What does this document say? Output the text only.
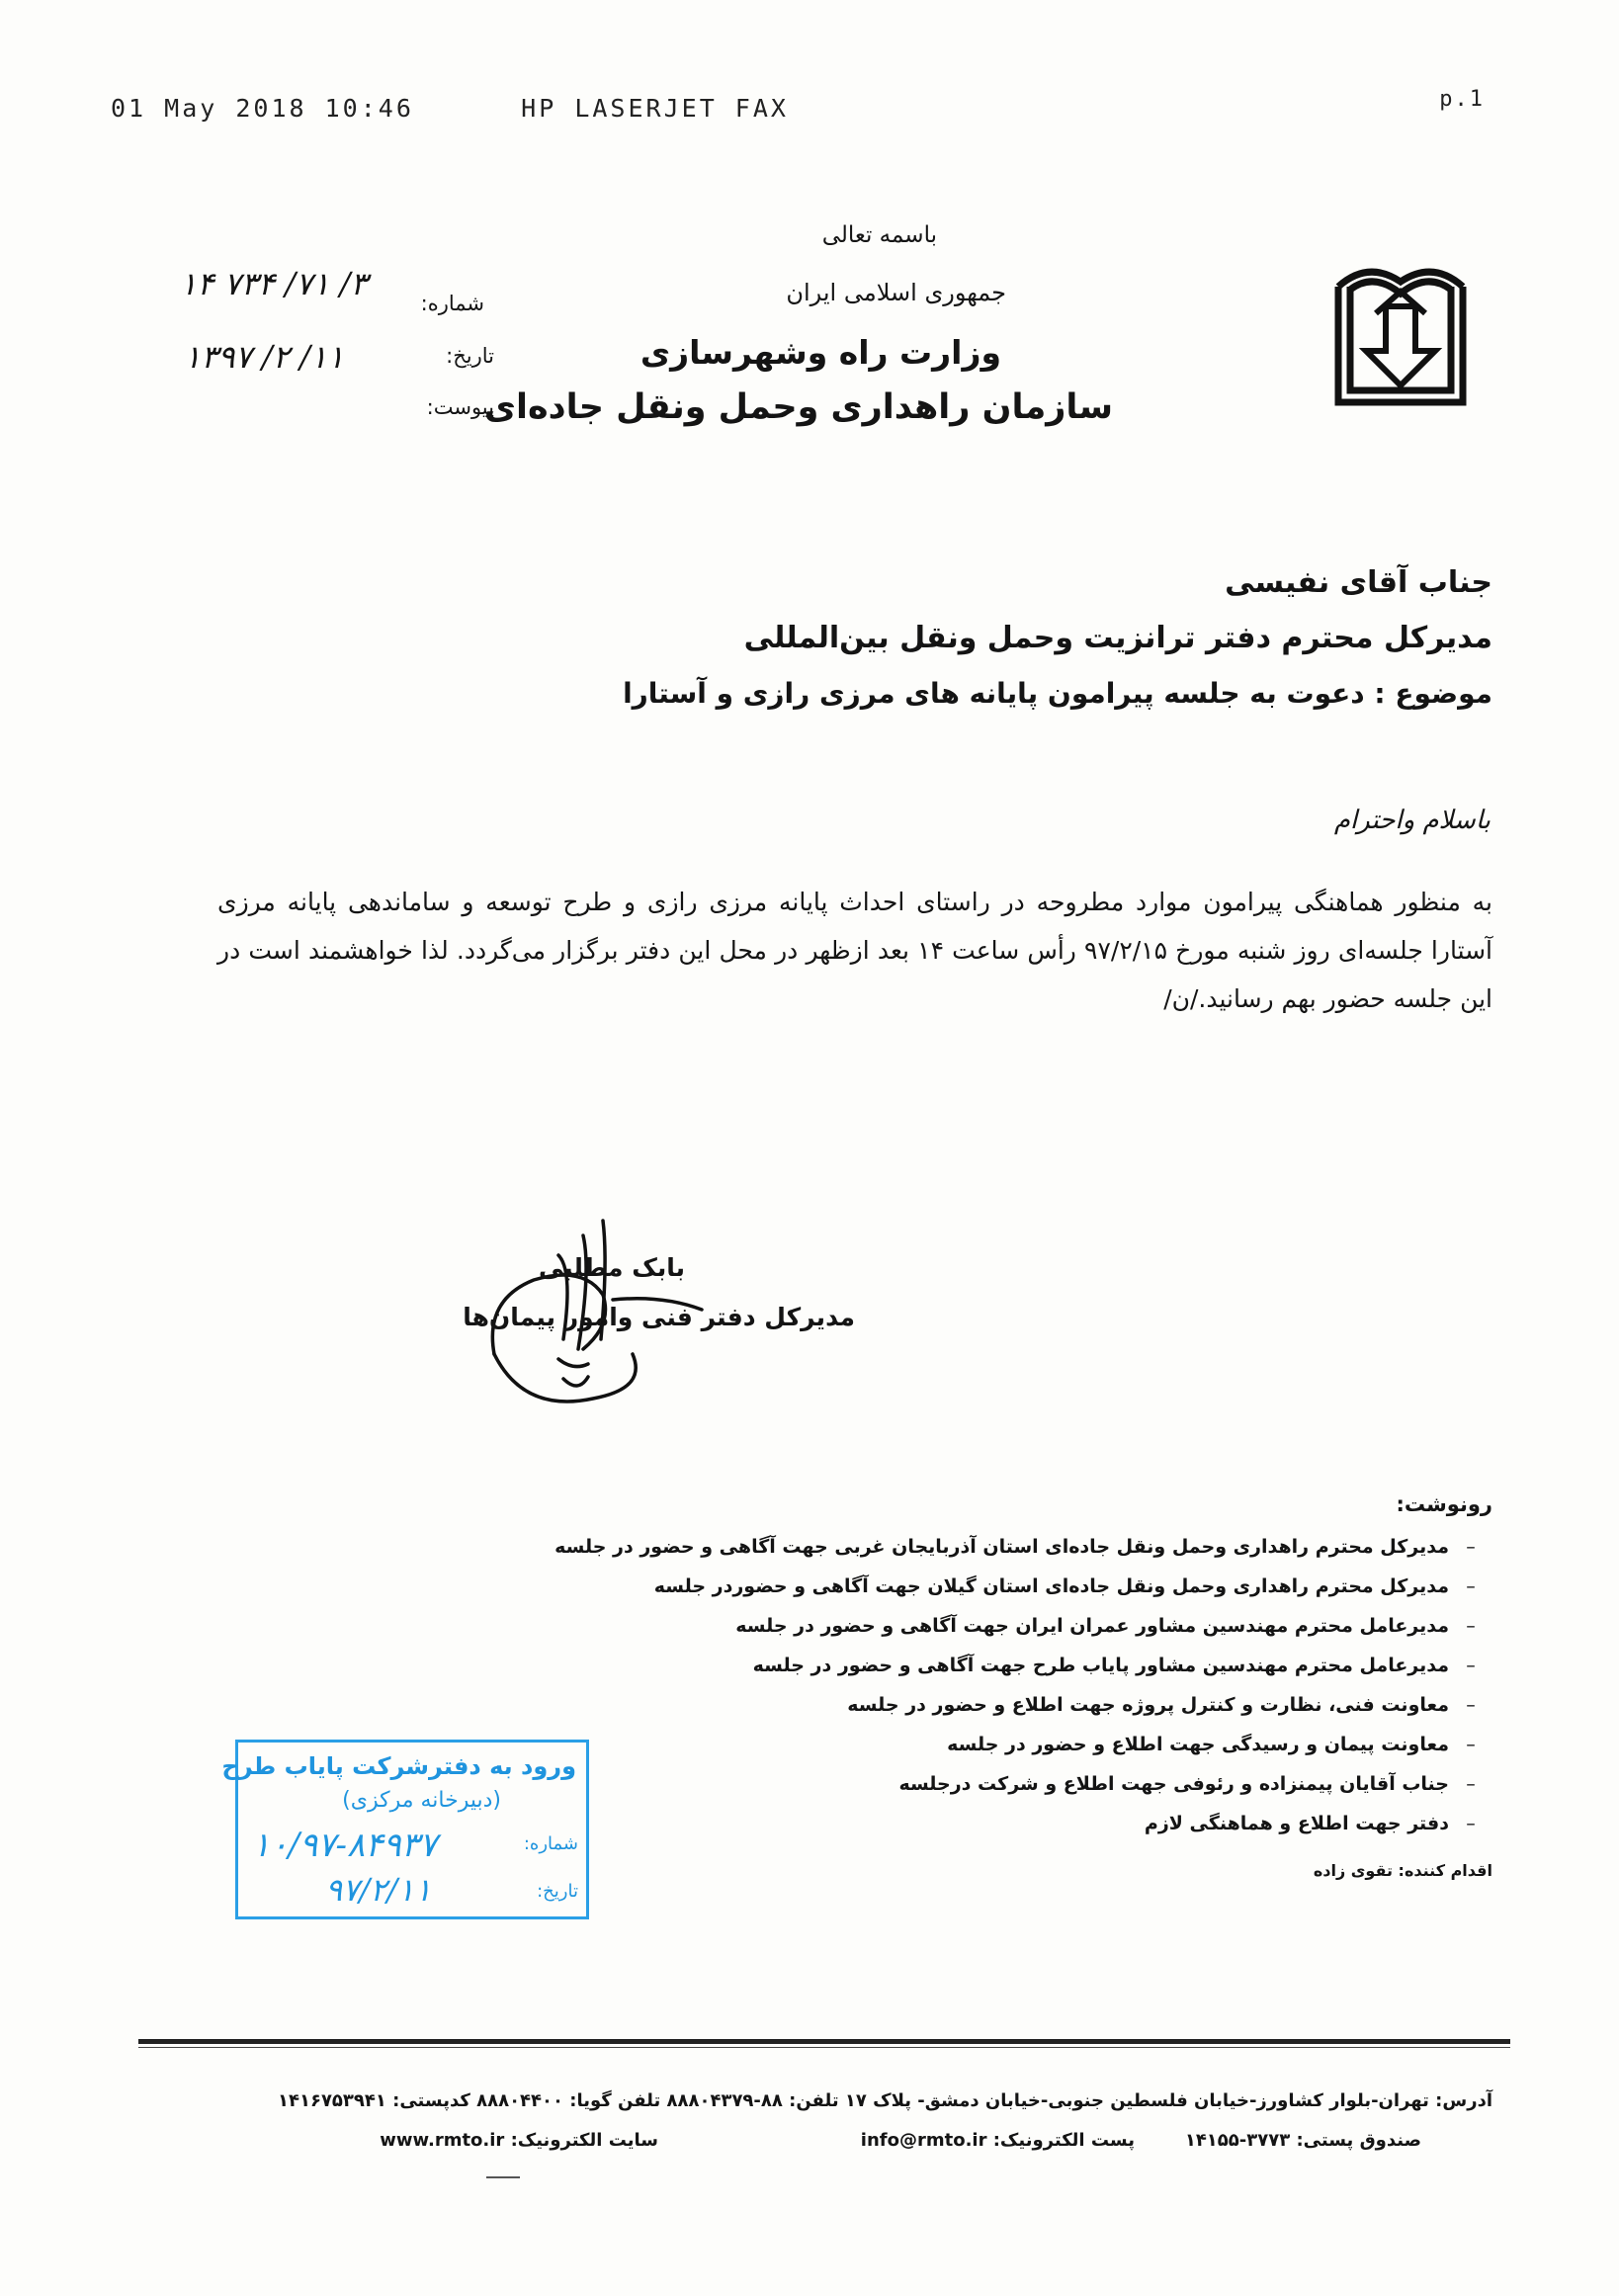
01 May 2018 10:46      HP LASERJET FAX	p.1
باسمه تعالی
جمهوری اسلامی ایران
وزارت راه وشهرسازی
سازمان راهداری وحمل ونقل جاده‌ای
شماره:
۱۴ ۷۳۴ /۷۱ /۳
تاریخ:
۱۳۹۷ /۲ /۱۱
پیوست:
جناب آقای نفیسی
مدیرکل محترم دفتر ترانزیت وحمل ونقل بین‌المللی
موضوع : دعوت به جلسه پیرامون پایانه های مرزی رازی و آستارا
باسلام واحترام
به منظور هماهنگی پیرامون موارد مطروحه در راستای احداث پایانه مرزی رازی و طرح توسعه و ساماندهی پایانه مرزی آستارا جلسه‌ای روز شنبه مورخ ۹۷/۲/۱۵ رأس ساعت ۱۴ بعد ازظهر در محل این دفتر برگزار می‌گردد. لذا خواهشمند است در این جلسه حضور بهم رسانید./ن/
بابک مطلبی
مدیرکل دفتر فنی وامور پیمان‌ها
رونوشت:
–
مدیرکل محترم راهداری وحمل ونقل جاده‌ای استان آذربایجان غربی جهت آگاهی و حضور در جلسه
–
مدیرکل محترم راهداری وحمل ونقل جاده‌ای استان گیلان جهت آگاهی و حضوردر جلسه
–
مدیرعامل محترم مهندسین مشاور عمران ایران جهت آگاهی و حضور در جلسه
–
مدیرعامل محترم مهندسین مشاور پایاب طرح جهت آگاهی و حضور در جلسه
–
معاونت فنی، نظارت و کنترل پروژه جهت اطلاع و حضور در جلسه
–
معاونت پیمان و رسیدگی جهت اطلاع و حضور در جلسه
–
جناب آقایان پیمنزاده و رئوفی جهت اطلاع و شرکت درجلسه
–
دفتر جهت اطلاع و هماهنگی لازم
اقدام کننده: تقوی زاده
ورود به دفترشرکت پایاب طرح
(دبیرخانه مرکزی)
شماره:
۱۰/۹۷-۸۴۹۳۷
تاریخ:
۹۷/۲/۱۱
آدرس: تهران-بلوار کشاورز-خیابان فلسطین جنوبی-خیابان دمشق- پلاک ۱۷ تلفن: ۸۸-۸۸۸۰۴۳۷۹ تلفن گویا: ۸۸۸۰۴۴۰۰ کدپستی: ۱۴۱۶۷۵۳۹۴۱
صندوق پستی: ۳۷۷۳-۱۴۱۵۵
info@rmto.ir :پست الکترونیک
www.rmto.ir :سایت الکترونیک
